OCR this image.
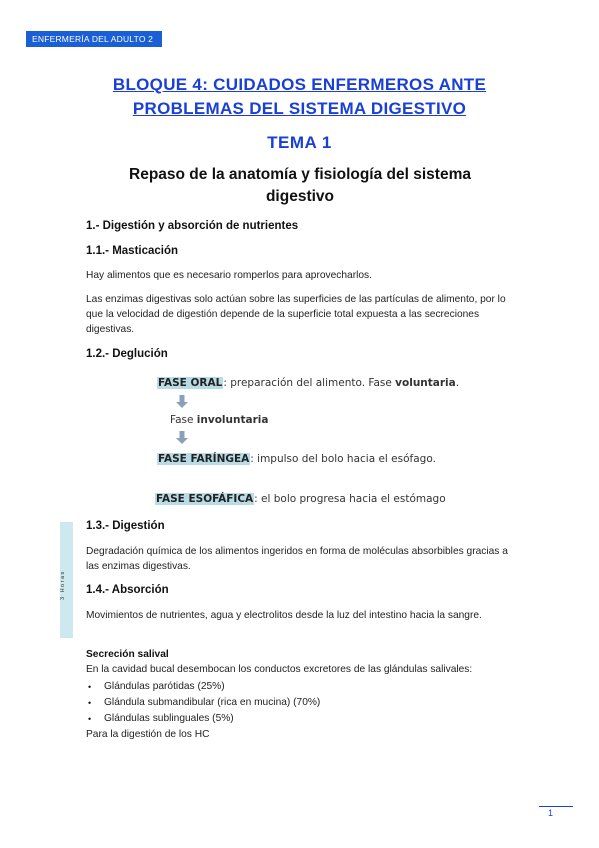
ENFERMERÍA DEL ADULTO 2
BLOQUE 4: CUIDADOS ENFERMEROS ANTE
PROBLEMAS DEL SISTEMA DIGESTIVO
TEMA 1
Repaso de la anatomía y fisiología del sistema
digestivo
1.- Digestión y absorción de nutrientes
1.1.- Masticación
Hay alimentos que es necesario romperlos para aprovecharlos.
Las enzimas digestivas solo actúan sobre las superficies de las partículas de alimento, por lo que la velocidad de digestión depende de la superficie total expuesta a las secreciones digestivas.
1.2.- Deglución
FASE ORAL: preparación del alimento. Fase voluntaria.
Fase involuntaria
FASE FARÍNGEA: impulso del bolo hacia el esófago.
FASE ESOFÁFICA: el bolo progresa hacia el estómago
3 Horas
1.3.- Digestión
Degradación química de los alimentos ingeridos en forma de moléculas absorbibles gracias a las enzimas digestivas.
1.4.- Absorción
Movimientos de nutrientes, agua y electrolitos desde la luz del intestino hacia la sangre.
Secreción salival
En la cavidad bucal desembocan los conductos excretores de las glándulas salivales:
• Glándulas parótidas (25%)
• Glándula submandibular (rica en mucina) (70%)
• Glándulas sublinguales (5%)
Para la digestión de los HC
1
